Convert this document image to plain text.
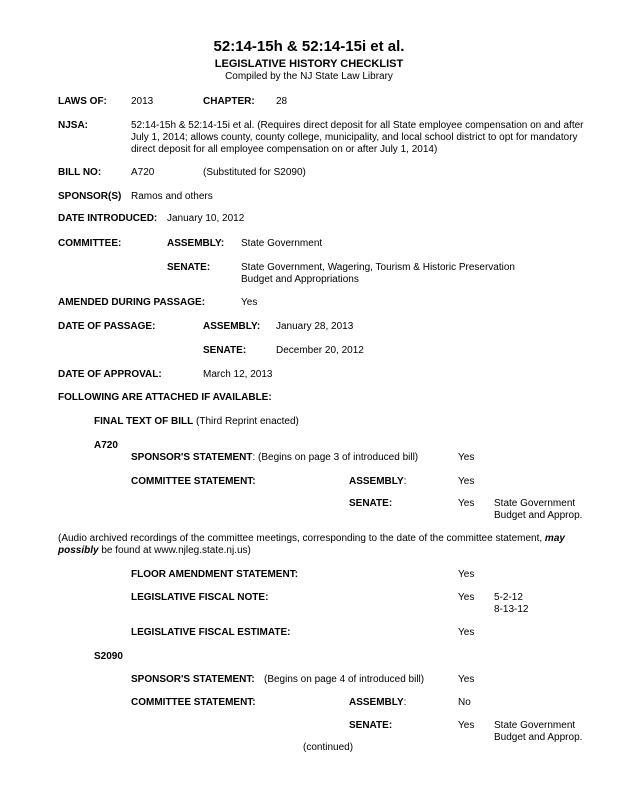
52:14-15h & 52:14-15i et al.
LEGISLATIVE HISTORY CHECKLIST
Compiled by the NJ State Law Library
LAWS OF: 2013	CHAPTER: 28
NJSA:	52:14-15h & 52:14-15i et al. (Requires direct deposit for all State employee compensation on and after July 1, 2014; allows county, county college, municipality, and local school district to opt for mandatory direct deposit for all employee compensation on or after July 1, 2014)
BILL NO:	A720	(Substituted for S2090)
SPONSOR(S) Ramos and others
DATE INTRODUCED: January 10, 2012
COMMITTEE:	ASSEMBLY: State Government
SENATE:	State Government, Wagering, Tourism & Historic Preservation
Budget and Appropriations
AMENDED DURING PASSAGE:	Yes
DATE OF PASSAGE:	ASSEMBLY: January 28, 2013
SENATE:	December 20, 2012
DATE OF APPROVAL:	March 12, 2013
FOLLOWING ARE ATTACHED IF AVAILABLE:
FINAL TEXT OF BILL (Third Reprint enacted)
A720
SPONSOR'S STATEMENT: (Begins on page 3 of introduced bill)	Yes
COMMITTEE STATEMENT:	ASSEMBLY:	Yes
SENATE:	Yes State Government
Budget and Approp.
(Audio archived recordings of the committee meetings, corresponding to the date of the committee statement, may possibly be found at www.njleg.state.nj.us)
FLOOR AMENDMENT STATEMENT:	Yes
LEGISLATIVE FISCAL NOTE:	Yes 5-2-12
8-13-12
LEGISLATIVE FISCAL ESTIMATE:	Yes
S2090
SPONSOR'S STATEMENT: (Begins on page 4 of introduced bill)	Yes
COMMITTEE STATEMENT:	ASSEMBLY:	No
SENATE:	Yes State Government
Budget and Approp.
(continued)
